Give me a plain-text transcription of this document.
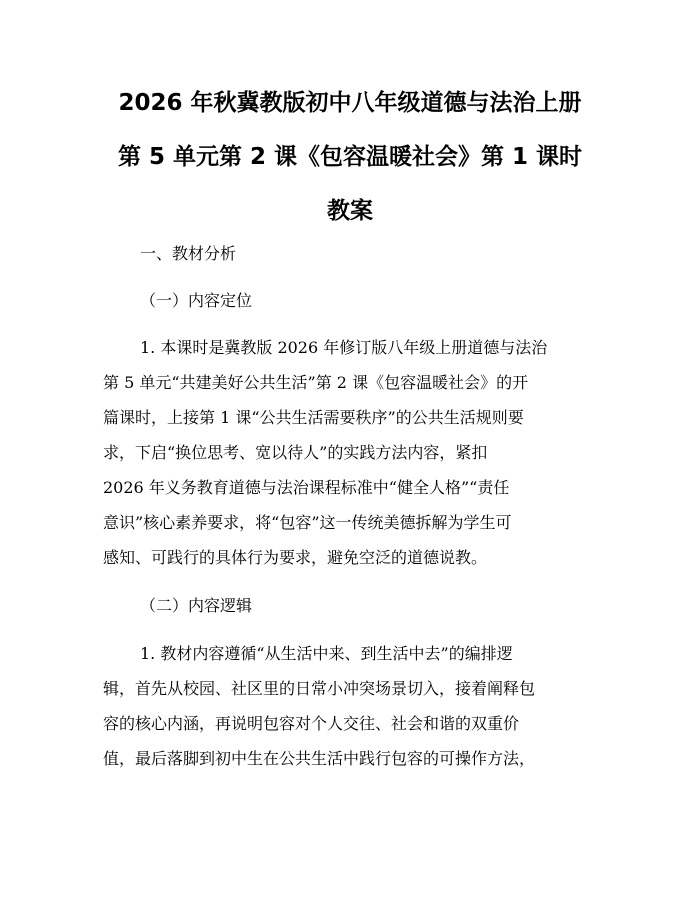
2026 年秋冀教版初中八年级道德与法治上册
第 5 单元第 2 课《包容温暖社会》第 1 课时
教案
一、教材分析
（一）内容定位
1. 本课时是冀教版 2026 年修订版八年级上册道德与法治
第 5 单元“共建美好公共生活”第 2 课《包容温暖社会》的开
篇课时，上接第 1 课“公共生活需要秩序”的公共生活规则要
求，下启“换位思考、宽以待人”的实践方法内容，紧扣
2026 年义务教育道德与法治课程标准中“健全人格”“责任
意识”核心素养要求，将“包容”这一传统美德拆解为学生可
感知、可践行的具体行为要求，避免空泛的道德说教。
（二）内容逻辑
1. 教材内容遵循“从生活中来、到生活中去”的编排逻
辑，首先从校园、社区里的日常小冲突场景切入，接着阐释包
容的核心内涵，再说明包容对个人交往、社会和谐的双重价
值，最后落脚到初中生在公共生活中践行包容的可操作方法，
